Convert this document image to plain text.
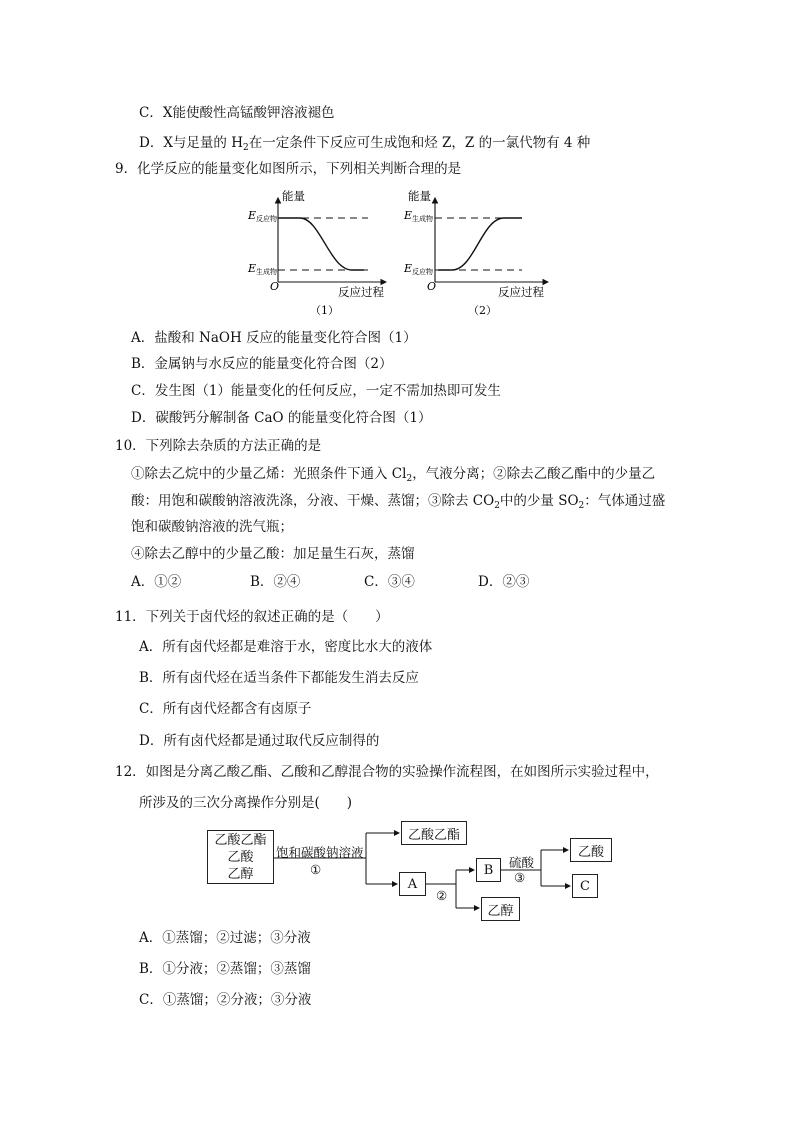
C．X能使酸性高锰酸钾溶液褪色
D．X与足量的 $H_2$在一定条件下反应可生成饱和烃 Z，Z 的一氯代物有 4 种
9．化学反应的能量变化如图所示，下列相关判断合理的是
能量
E反应物
E生成物
O	反应过程
（1）
能量
E生成物
E反应物
O	反应过程
（2）
A．盐酸和 NaOH 反应的能量变化符合图（1）
B．金属钠与水反应的能量变化符合图（2）
C．发生图（1）能量变化的任何反应，一定不需加热即可发生
D．碳酸钙分解制备 CaO 的能量变化符合图（1）
10．下列除去杂质的方法正确的是
①除去乙烷中的少量乙烯：光照条件下通入 $Cl_2$，气液分离；②除去乙酸乙酯中的少量乙
酸：用饱和碳酸钠溶液洗涤，分液、干燥、蒸馏；③除去 $CO_2$中的少量 $SO_2$：气体通过盛
饱和碳酸钠溶液的洗气瓶；
④除去乙醇中的少量乙酸：加足量生石灰，蒸馏
A．①②	B．②④	C．③④	D．②③
11．下列关于卤代烃的叙述正确的是（　　）
A．所有卤代烃都是难溶于水，密度比水大的液体
B．所有卤代烃在适当条件下都能发生消去反应
C．所有卤代烃都含有卤原子
D．所有卤代烃都是通过取代反应制得的
12．如图是分离乙酸乙酯、乙酸和乙醇混合物的实验操作流程图，在如图所示实验过程中，
所涉及的三次分离操作分别是(　　)
乙酸乙酯
乙酸
乙醇
饱和碳酸钠溶液
①
乙酸乙酯
A
②
B
乙醇
硫酸
③
乙酸
C
A．①蒸馏；②过滤；③分液
B．①分液；②蒸馏；③蒸馏
C．①蒸馏；②分液；③分液
